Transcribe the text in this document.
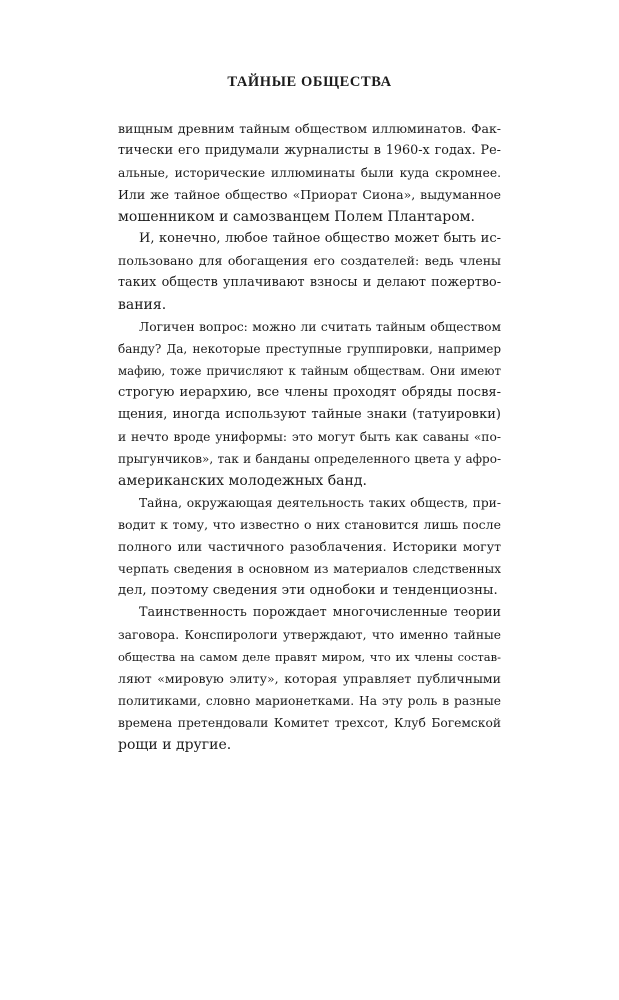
ТАЙНЫЕ ОБЩЕСТВА
вищным древним тайным обществом иллюминатов. Фак-
тически его придумали журналисты в 1960-х годах. Ре-
альные, исторические иллюминаты были куда скромнее.
Или же тайное общество «Приорат Сиона», выдуманное
мошенником и самозванцем Полем Плантаром.
И, конечно, любое тайное общество может быть ис-
пользовано для обогащения его создателей: ведь члены
таких обществ уплачивают взносы и делают пожертво-
вания.
Логичен вопрос: можно ли считать тайным обществом
банду? Да, некоторые преступные группировки, например
мафию, тоже причисляют к тайным обществам. Они имеют
строгую иерархию, все члены проходят обряды посвя-
щения, иногда используют тайные знаки (татуировки)
и нечто вроде униформы: это могут быть как саваны «по-
прыгунчиков», так и банданы определенного цвета у афро-
американских молодежных банд.
Тайна, окружающая деятельность таких обществ, при-
водит к тому, что известно о них становится лишь после
полного или частичного разоблачения. Историки могут
черпать сведения в основном из материалов следственных
дел, поэтому сведения эти однобоки и тенденциозны.
Таинственность порождает многочисленные теории
заговора. Конспирологи утверждают, что именно тайные
общества на самом деле правят миром, что их члены состав-
ляют «мировую элиту», которая управляет публичными
политиками, словно марионетками. На эту роль в разные
времена претендовали Комитет трехсот, Клуб Богемской
рощи и другие.
